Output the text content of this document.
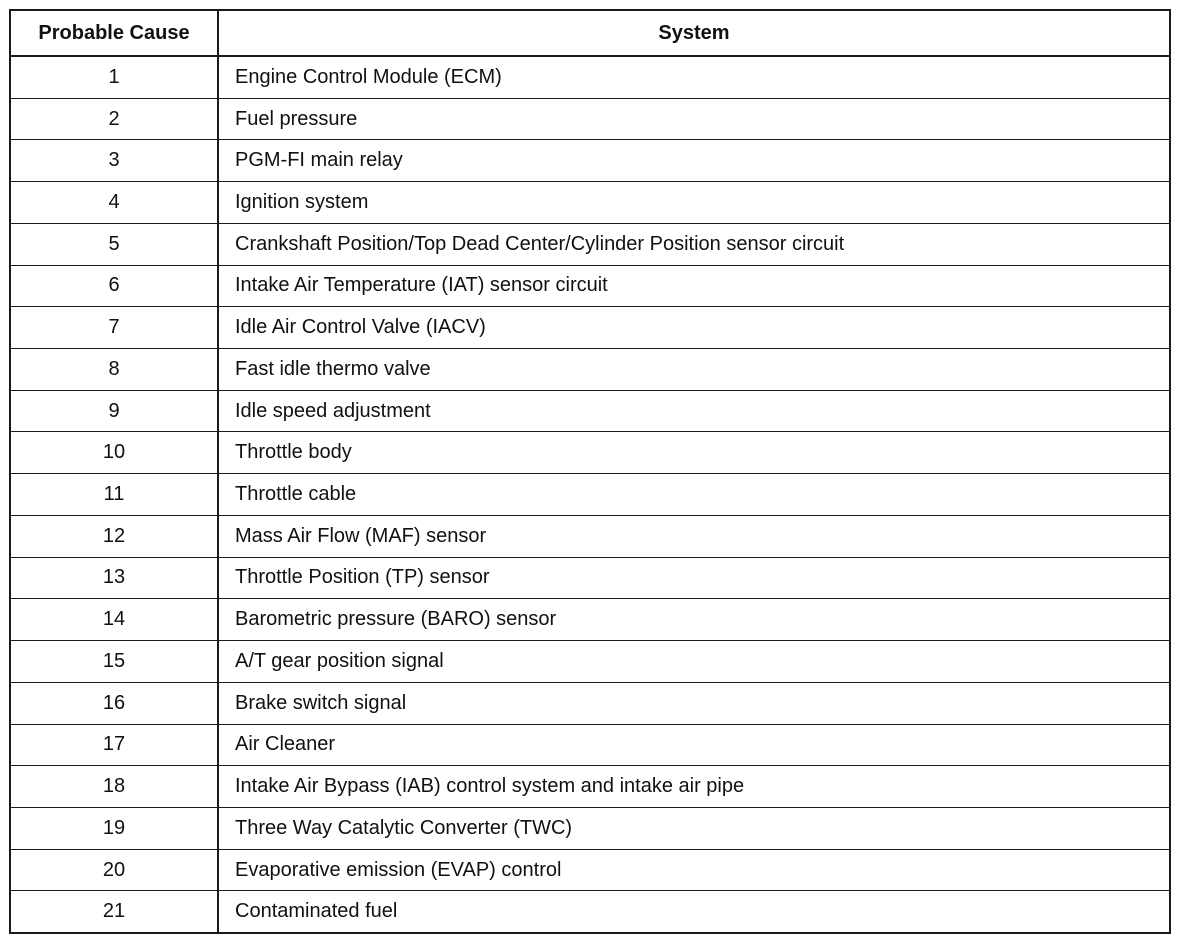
Probable Cause	System
1	Engine Control Module (ECM)
2	Fuel pressure
3	PGM-FI main relay
4	Ignition system
5	Crankshaft Position/Top Dead Center/Cylinder Position sensor circuit
6	Intake Air Temperature (IAT) sensor circuit
7	Idle Air Control Valve (IACV)
8	Fast idle thermo valve
9	Idle speed adjustment
10	Throttle body
11	Throttle cable
12	Mass Air Flow (MAF) sensor
13	Throttle Position (TP) sensor
14	Barometric pressure (BARO) sensor
15	A/T gear position signal
16	Brake switch signal
17	Air Cleaner
18	Intake Air Bypass (IAB) control system and intake air pipe
19	Three Way Catalytic Converter (TWC)
20	Evaporative emission (EVAP) control
21	Contaminated fuel
